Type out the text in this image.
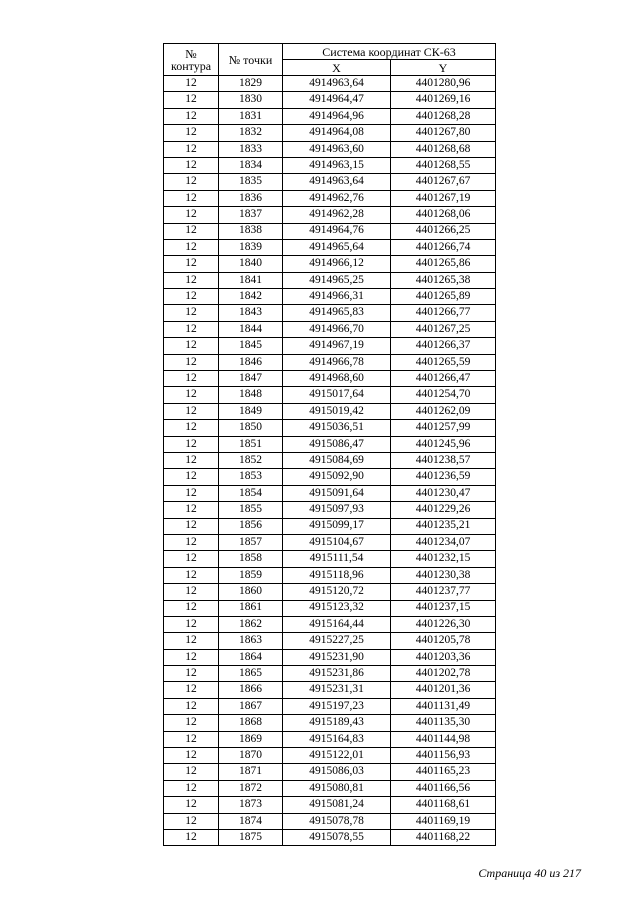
№ контура	№ точки	Система координат СК-63	
		X	Y
12	1829	4914963,64	4401280,96
12	1830	4914964,47	4401269,16
12	1831	4914964,96	4401268,28
12	1832	4914964,08	4401267,80
12	1833	4914963,60	4401268,68
12	1834	4914963,15	4401268,55
12	1835	4914963,64	4401267,67
12	1836	4914962,76	4401267,19
12	1837	4914962,28	4401268,06
12	1838	4914964,76	4401266,25
12	1839	4914965,64	4401266,74
12	1840	4914966,12	4401265,86
12	1841	4914965,25	4401265,38
12	1842	4914966,31	4401265,89
12	1843	4914965,83	4401266,77
12	1844	4914966,70	4401267,25
12	1845	4914967,19	4401266,37
12	1846	4914966,78	4401265,59
12	1847	4914968,60	4401266,47
12	1848	4915017,64	4401254,70
12	1849	4915019,42	4401262,09
12	1850	4915036,51	4401257,99
12	1851	4915086,47	4401245,96
12	1852	4915084,69	4401238,57
12	1853	4915092,90	4401236,59
12	1854	4915091,64	4401230,47
12	1855	4915097,93	4401229,26
12	1856	4915099,17	4401235,21
12	1857	4915104,67	4401234,07
12	1858	4915111,54	4401232,15
12	1859	4915118,96	4401230,38
12	1860	4915120,72	4401237,77
12	1861	4915123,32	4401237,15
12	1862	4915164,44	4401226,30
12	1863	4915227,25	4401205,78
12	1864	4915231,90	4401203,36
12	1865	4915231,86	4401202,78
12	1866	4915231,31	4401201,36
12	1867	4915197,23	4401131,49
12	1868	4915189,43	4401135,30
12	1869	4915164,83	4401144,98
12	1870	4915122,01	4401156,93
12	1871	4915086,03	4401165,23
12	1872	4915080,81	4401166,56
12	1873	4915081,24	4401168,61
12	1874	4915078,78	4401169,19
12	1875	4915078,55	4401168,22
Страница 40 из 217
